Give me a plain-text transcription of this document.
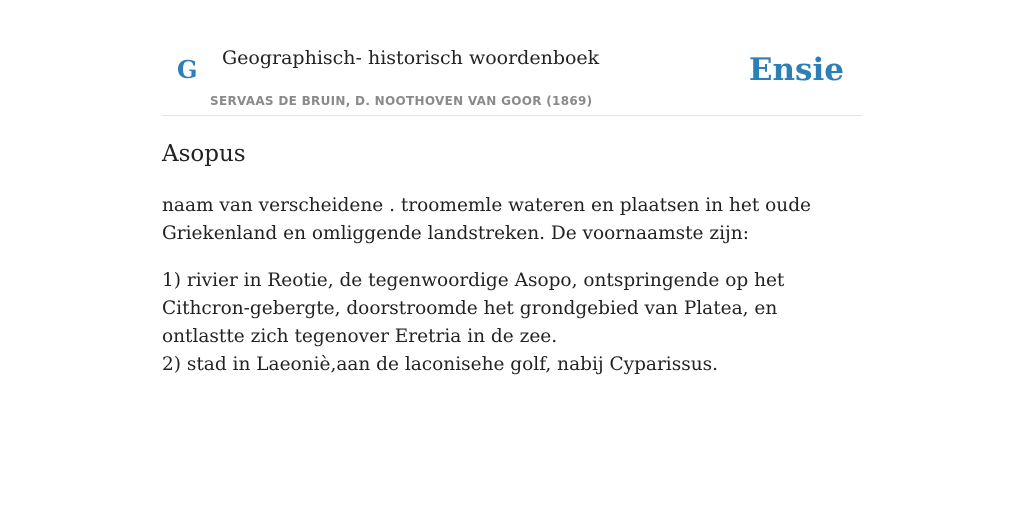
G Geographisch- historisch woordenboek
SERVAAS DE BRUIN, D. NOOTHOVEN VAN GOOR (1869)
Ensie
Asopus

naam van verscheidene . troomemle wateren en plaatsen in het oude Griekenland en omliggende landstreken. De voornaamste zijn:

1) rivier in Reotie, de tegenwoordige Asopo, ontspringende op het Cithcron-gebergte, doorstroomde het grondgebied van Platea, en ontlastte zich tegenover Eretria in de zee.
2) stad in Laeoniè,aan de laconisehe golf, nabij Cyparissus.
